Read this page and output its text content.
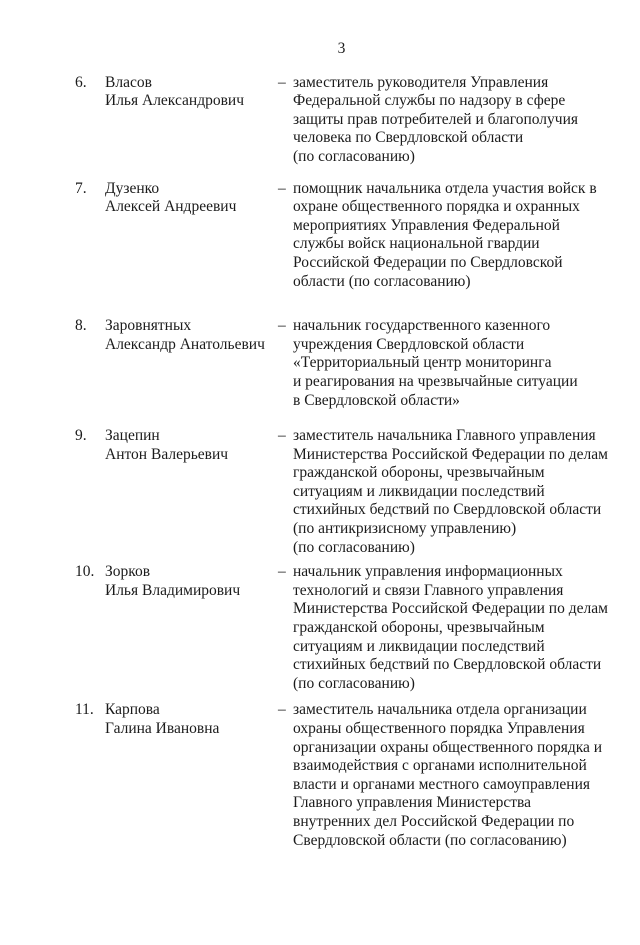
3
6.	Власов
Илья Александрович
– заместитель руководителя Управления
Федеральной службы по надзору в сфере
защиты прав потребителей и благополучия
человека по Свердловской области
(по согласованию)
7.	Дузенко
Алексей Андреевич
– помощник начальника отдела участия войск в
охране общественного порядка и охранных
мероприятиях Управления Федеральной
службы войск национальной гвардии
Российской Федерации по Свердловской
области (по согласованию)
8.	Заровнятных
Александр Анатольевич
– начальник государственного казенного
учреждения Свердловской области
«Территориальный центр мониторинга
и реагирования на чрезвычайные ситуации
в Свердловской области»
9.	Зацепин
Антон Валерьевич
– заместитель начальника Главного управления
Министерства Российской Федерации по делам
гражданской обороны, чрезвычайным
ситуациям и ликвидации последствий
стихийных бедствий по Свердловской области
(по антикризисному управлению)
(по согласованию)
10. Зорков
Илья Владимирович
– начальник управления информационных
технологий и связи Главного управления
Министерства Российской Федерации по делам
гражданской обороны, чрезвычайным
ситуациям и ликвидации последствий
стихийных бедствий по Свердловской области
(по согласованию)
11. Карпова
Галина Ивановна
– заместитель начальника отдела организации
охраны общественного порядка Управления
организации охраны общественного порядка и
взаимодействия с органами исполнительной
власти и органами местного самоуправления
Главного управления Министерства
внутренних дел Российской Федерации по
Свердловской области (по согласованию)
